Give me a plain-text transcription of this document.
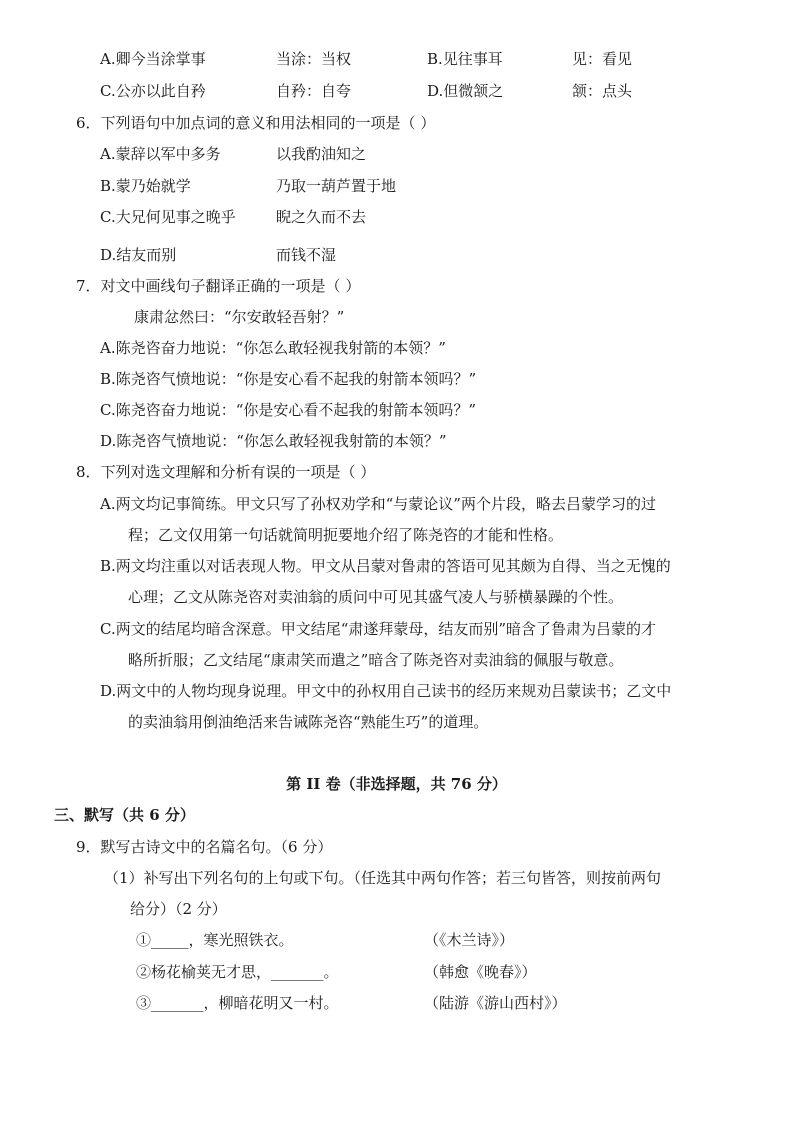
A.卿今当涂掌事	当涂：当权	B.见往事耳	见：看见
C.公亦以此自矜	自矜：自夸	D.但微颔之	颔：点头
6．下列语句中加点词的意义和用法相同的一项是（ ）
A.蒙辞以军中多务	以我酌油知之
B.蒙乃始就学	乃取一葫芦置于地
C.大兄何见事之晚乎	睨之久而不去
D.结友而别	而钱不湿
7．对文中画线句子翻译正确的一项是（ ）
康肃忿然曰：“尔安敢轻吾射？”
A.陈尧咨奋力地说：“你怎么敢轻视我射箭的本领？”
B.陈尧咨气愤地说：“你是安心看不起我的射箭本领吗？”
C.陈尧咨奋力地说：“你是安心看不起我的射箭本领吗？”
D.陈尧咨气愤地说：“你怎么敢轻视我射箭的本领？”
8．下列对选文理解和分析有误的一项是（ ）
A.两文均记事简练。甲文只写了孙权劝学和“与蒙论议”两个片段，略去吕蒙学习的过
程；乙文仅用第一句话就简明扼要地介绍了陈尧咨的才能和性格。
B.两文均注重以对话表现人物。甲文从吕蒙对鲁肃的答语可见其颇为自得、当之无愧的
心理；乙文从陈尧咨对卖油翁的质问中可见其盛气凌人与骄横暴躁的个性。
C.两文的结尾均暗含深意。甲文结尾“肃遂拜蒙母，结友而别”暗含了鲁肃为吕蒙的才
略所折服；乙文结尾“康肃笑而遣之”暗含了陈尧咨对卖油翁的佩服与敬意。
D.两文中的人物均现身说理。甲文中的孙权用自己读书的经历来规劝吕蒙读书；乙文中
的卖油翁用倒油绝活来告诫陈尧咨“熟能生巧”的道理。
第 II 卷（非选择题，共 76 分）
三、默写（共 6 分）
9．默写古诗文中的名篇名句。（6 分）
（1）补写出下列名句的上句或下句。（任选其中两句作答；若三句皆答，则按前两句
给分）（2 分）
①_____，寒光照铁衣。	（《木兰诗》）
②杨花榆荚无才思，_______。	（韩愈《晚春》）
③_______，柳暗花明又一村。	（陆游《游山西村》）
